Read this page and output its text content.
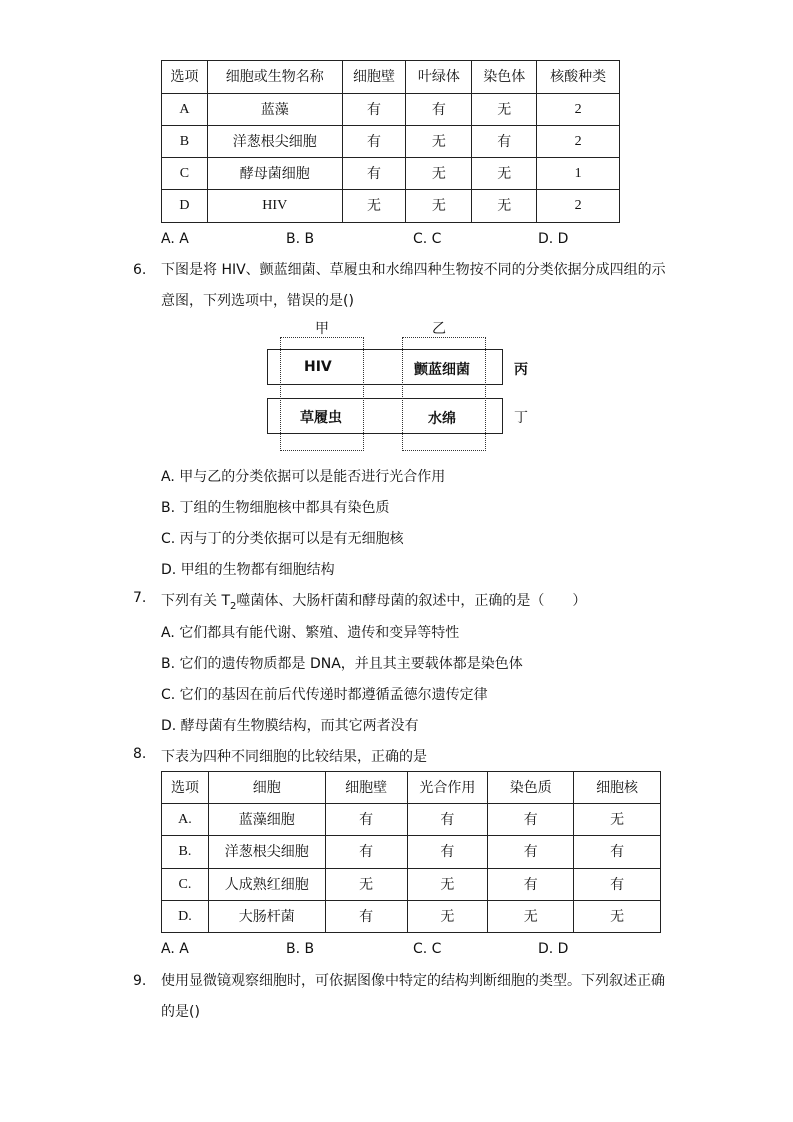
选项	细胞或生物名称	细胞壁	叶绿体	染色体	核酸种类
A	蓝藻	有	有	无	2
B	洋葱根尖细胞	有	无	有	2
C	酵母菌细胞	有	无	无	1
D	HIV	无	无	无	2
A. A	B. B	C. C	D. D
6. 下图是将 HIV、颤蓝细菌、草履虫和水绵四种生物按不同的分类依据分成四组的示
意图，下列选项中，错误的是()
甲	乙
HIV	颤蓝细菌
草履虫	水绵
丙
丁
A. 甲与乙的分类依据可以是能否进行光合作用
B. 丁组的生物细胞核中都具有染色质
C. 丙与丁的分类依据可以是有无细胞核
D. 甲组的生物都有细胞结构
7. 下列有关 $T_2$噬菌体、大肠杆菌和酵母菌的叙述中，正确的是（　　）
A. 它们都具有能代谢、繁殖、遗传和变异等特性
B. 它们的遗传物质都是 DNA，并且其主要载体都是染色体
C. 它们的基因在前后代传递时都遵循孟德尔遗传定律
D. 酵母菌有生物膜结构，而其它两者没有
8. 下表为四种不同细胞的比较结果，正确的是
选项	细胞	细胞壁	光合作用	染色质	细胞核
A.	蓝藻细胞	有	有	有	无
B.	洋葱根尖细胞	有	有	有	有
C.	人成熟红细胞	无	无	有	有
D.	大肠杆菌	有	无	无	无
A. A	B. B	C. C	D. D
9. 使用显微镜观察细胞时，可依据图像中特定的结构判断细胞的类型。下列叙述正确
的是()
